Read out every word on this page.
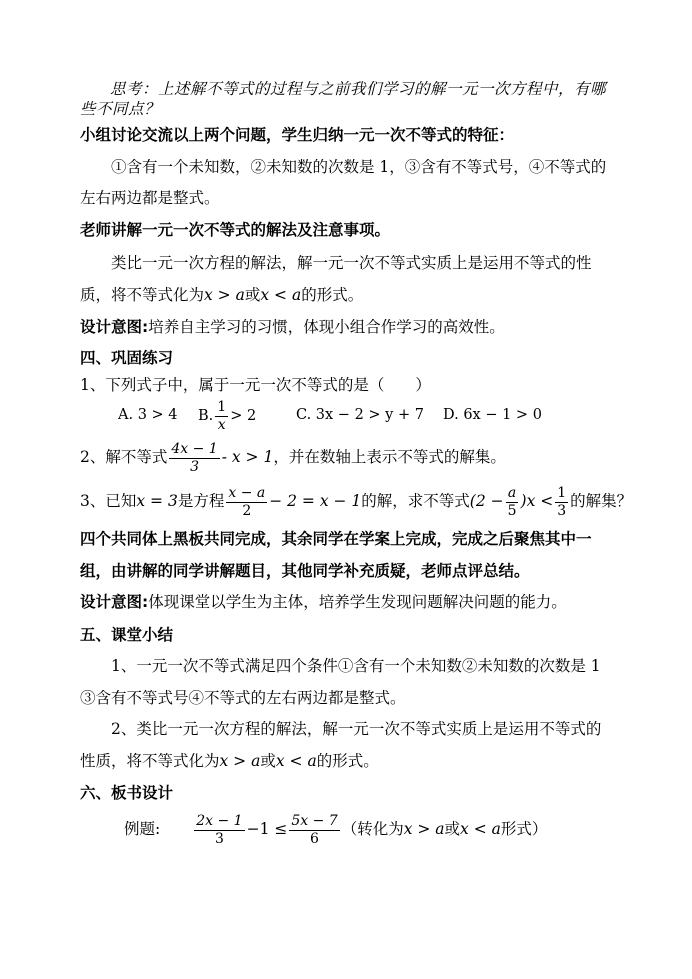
思考：上述解不等式的过程与之前我们学习的解一元一次方程中，有哪
些不同点？
小组讨论交流以上两个问题，学生归纳一元一次不等式的特征：
①含有一个未知数，②未知数的次数是 1，③含有不等式号，④不等式的
左右两边都是整式。
老师讲解一元一次不等式的解法及注意事项。
类比一元一次方程的解法，解一元一次不等式实质上是运用不等式的性
质，将不等式化为x > a或x < a的形式。
设计意图:培养自主学习的习惯，体现小组合作学习的高效性。
四、巩固练习
1、下列式子中，属于一元一次不等式的是（　　）
A. 3 > 4 B. $\frac{1}{x} > 2$	C. 3x − 2 > y + 7 D. 6x − 1 > 0
2、解不等式 $\frac{4x - 1}{3} - x > 1$，并在数轴上表示不等式的解集。
3、已知x = 3是方程 $\frac{x - a}{2} - 2 = x - 1$的解，求不等式$(2 - \frac{a}{5} )x < \frac{1}{3}$ 的解集？
四个共同体上黑板共同完成，其余同学在学案上完成，完成之后聚焦其中一
组，由讲解的同学讲解题目，其他同学补充质疑，老师点评总结。
设计意图:体现课堂以学生为主体，培养学生发现问题解决问题的能力。
五、课堂小结
1、一元一次不等式满足四个条件①含有一个未知数②未知数的次数是 1
③含有不等式号④不等式的左右两边都是整式。
2、类比一元一次方程的解法，解一元一次不等式实质上是运用不等式的
性质，将不等式化为x > a或x < a的形式。
六、板书设计
例题: $\frac{2x - 1}{3} -1 \le \frac{5x - 7}{6}$ （转化为x > a或x < a形式）
